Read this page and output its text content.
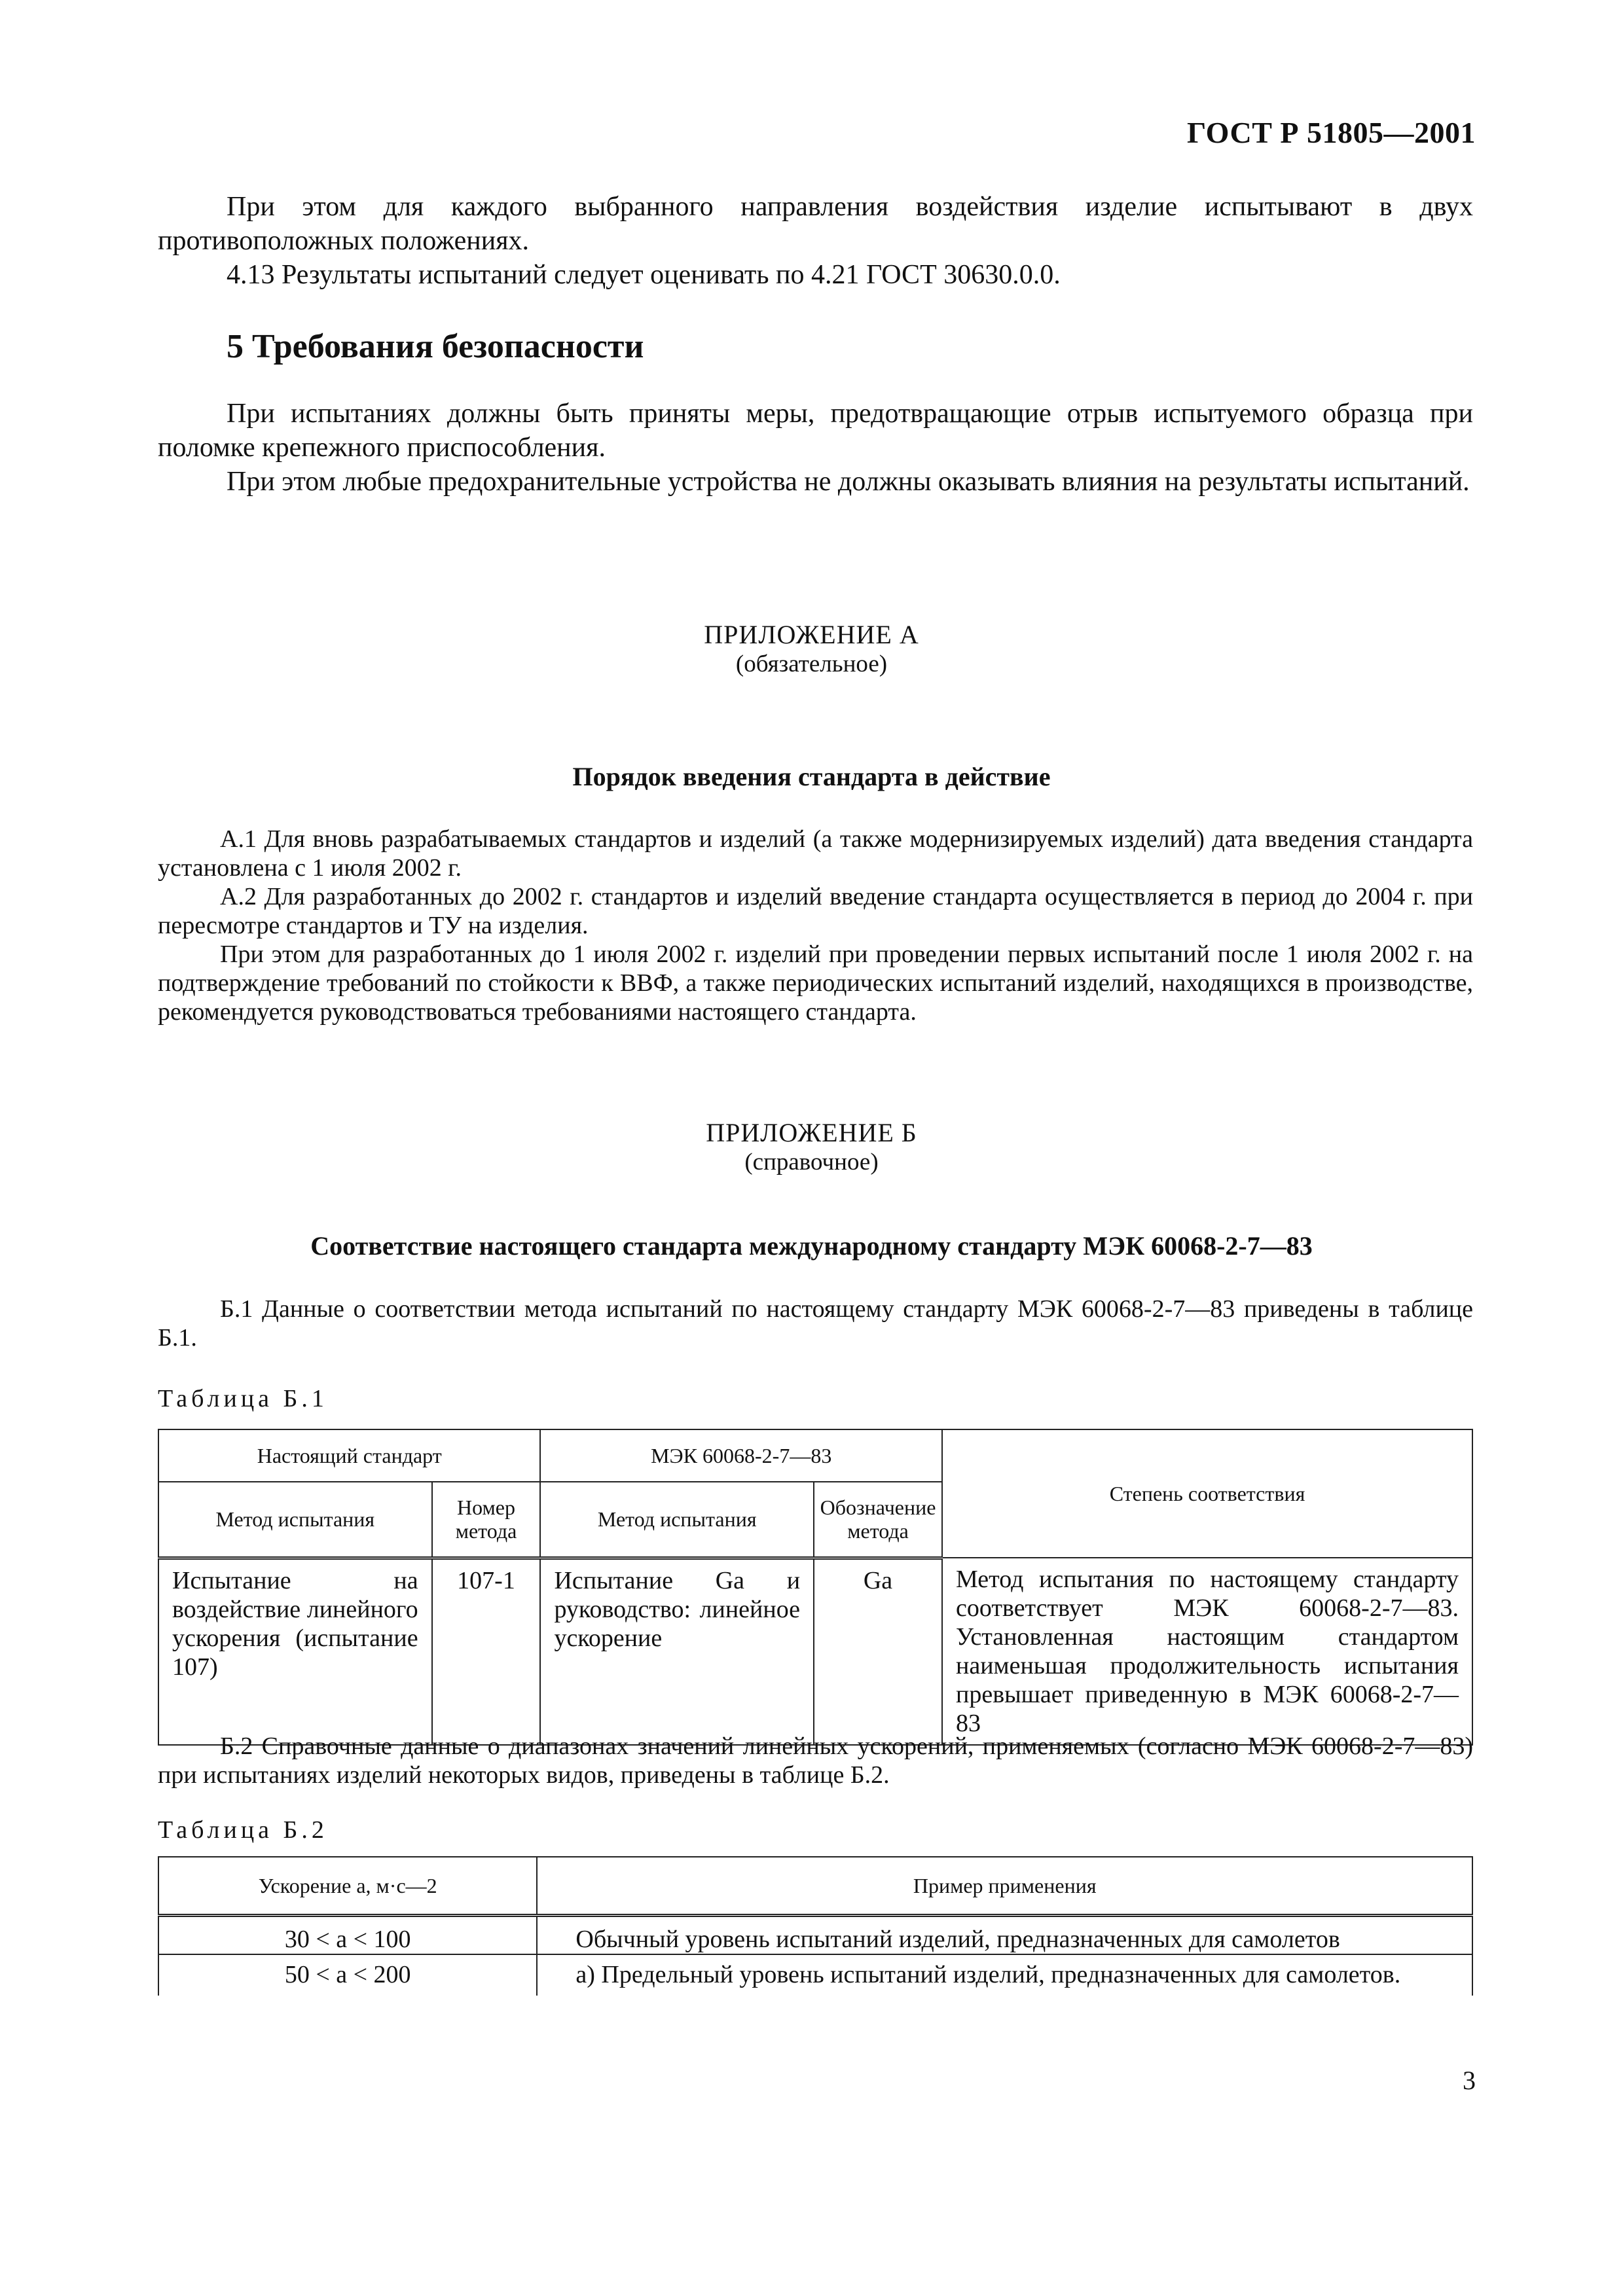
ГОСТ Р 51805—2001

При этом для каждого выбранного направления воздействия изделие испытывают в двух противоположных положениях.

4.13 Результаты испытаний следует оценивать по 4.21 ГОСТ 30630.0.0.

5 Требования безопасности

При испытаниях должны быть приняты меры, предотвращающие отрыв испытуемого образца при поломке крепежного приспособления.

При этом любые предохранительные устройства не должны оказывать влияния на результаты испытаний.

ПРИЛОЖЕНИЕ А
(обязательное)
Порядок введения стандарта в действие

А.1 Для вновь разрабатываемых стандартов и изделий (а также модернизируемых изделий) дата введения стандарта установлена с 1 июля 2002 г.

А.2 Для разработанных до 2002 г. стандартов и изделий введение стандарта осуществляется в период до 2004 г. при пересмотре стандартов и ТУ на изделия.

При этом для разработанных до 1 июля 2002 г. изделий при проведении первых испытаний после 1 июля 2002 г. на подтверждение требований по стойкости к ВВФ, а также периодических испытаний изделий, находящихся в производстве, рекомендуется руководствоваться требованиями настоящего стандарта.

ПРИЛОЖЕНИЕ Б
(справочное)
Соответствие настоящего стандарта международному стандарту МЭК 60068-2-7—83

Б.1 Данные о соответствии метода испытаний по настоящему стандарту МЭК 60068-2-7—83 приведены в таблице Б.1.

Таблица Б.1
Настоящий стандарт		МЭК 60068-2-7—83		Степень соответствия
Метод испытания	Номер метода	Метод испытания	Обозначение метода	
Испытание на воздействие линейного ускорения (испытание 107)	107-1	Испытание Ga и руководство: линейное ускорение	Ga	Метод испытания по настоящему стандарту соответствует МЭК 60068-2-7—83. Установленная настоящим стандартом наименьшая продолжительность испытания превышает приведенную в МЭК 60068-2-7—83

Б.2 Справочные данные о диапазонах значений линейных ускорений, применяемых (согласно МЭК 60068-2-7—83) при испытаниях изделий некоторых видов, приведены в таблице Б.2.

Таблица Б.2
Ускорение a, м·с—2	Пример применения
30 < a < 100	Обычный уровень испытаний изделий, предназначенных для самолетов
50 < a < 200	а) Предельный уровень испытаний изделий, предназначенных для самолетов.
3
